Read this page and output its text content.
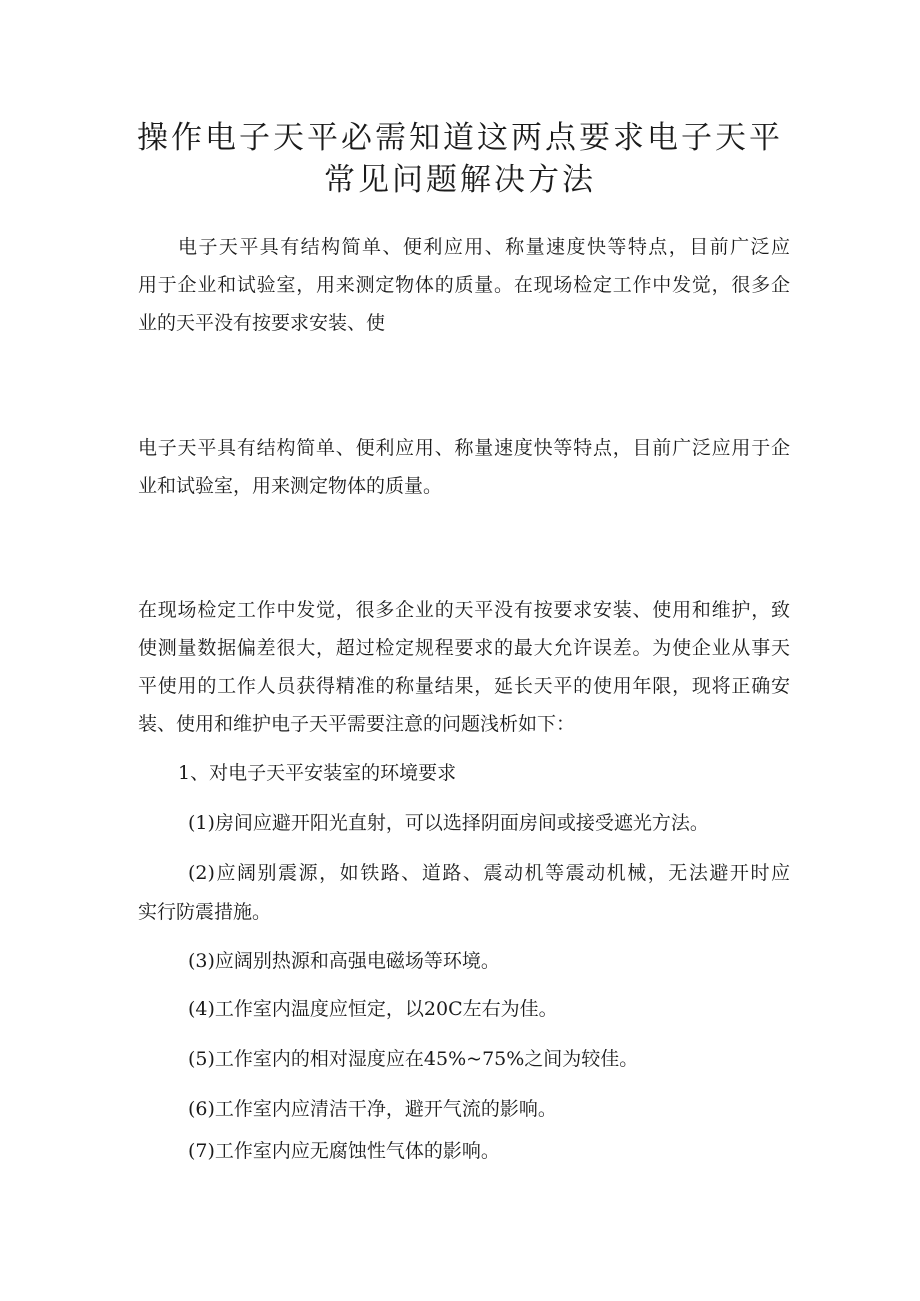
操作电子天平必需知道这两点要求电子天平
常见问题解决方法

电子天平具有结构简单、便利应用、称量速度快等特点，目前广泛应

用于企业和试验室，用来测定物体的质量。在现场检定工作中发觉，很多企

业的天平没有按要求安装、使

电子天平具有结构简单、便利应用、称量速度快等特点，目前广泛应用于企

业和试验室，用来测定物体的质量。

在现场检定工作中发觉，很多企业的天平没有按要求安装、使用和维护，致

使测量数据偏差很大，超过检定规程要求的最大允许误差。为使企业从事天

平使用的工作人员获得精准的称量结果，延长天平的使用年限，现将正确安

装、使用和维护电子天平需要注意的问题浅析如下：

1、对电子天平安装室的环境要求

(1)房间应避开阳光直射，可以选择阴面房间或接受遮光方法。

(2)应阔别震源，如铁路、道路、震动机等震动机械，无法避开时应

实行防震措施。

(3)应阔别热源和高强电磁场等环境。

(4)工作室内温度应恒定，以20C左右为佳。

(5)工作室内的相对湿度应在45%~75%之间为较佳。

(6)工作室内应清洁干净，避开气流的影响。

(7)工作室内应无腐蚀性气体的影响。
